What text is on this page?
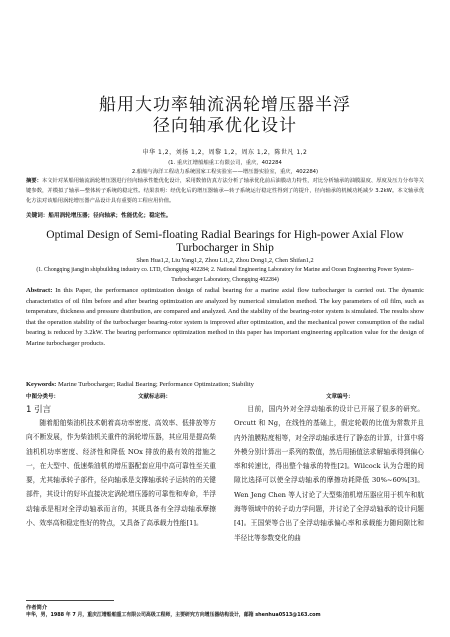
船用大功率轴流涡轮增压器半浮
径向轴承优化设计
申华 1,2，刘扬 1,2，周黎 1,2，周东 1,2，陈世凡 1,2
(1. 重庆江增船舶重工有限公司，重庆，402284
2.船舶与海洋工程动力系统国家工程实验室——增压器实验室，重庆，402284)
摘要：本文针对某船用轴流涡轮增压器进行径向轴承性能优化设计，采用数值仿真方法分析了轴承优化前后油膜动力特性，对比分析轴承的油膜温度、厚度及压力分布等关键参数，并模拟了轴承—整体转子系统的稳定性。结果表明：经优化后的增压器轴承—转子系统运行稳定性得到了的提升，径向轴承的机械功耗减少 3.2kW。本文轴承优化方法对该船用涡轮增压器产品设计具有重要的工程应用价值。
关键词：船用涡轮增压器；径向轴承；性能优化；稳定性。
Optimal Design of Semi-floating Radial Bearings for High-power Axial Flow Turbocharger in Ship
Shen Hua1,2, Liu Yang1,2, Zhou Li1,2, Zhou Dong1,2, Chen Shifan1,2
(1. Chongqing jiangjin shipbuilding industry co. LTD, Chongqing 402284; 2. National Engineering Laboratory for Marine and Ocean Engineering Power System–Turbocharger Laboratory, Chongqing 402284)
Abstract: In this Paper, the performance optimization design of radial bearing for a marine axial flow turbocharger is carried out. The dynamic characteristics of oil film before and after bearing optimization are analyzed by numerical simulation method. The key parameters of oil film, such as temperature, thickness and pressure distribution, are compared and analyzed. And the stability of the bearing-rotor system is simulated. The results show that the operation stability of the turbocharger bearing-rotor system is improved after optimization, and the mechanical power consumption of the radial bearing is reduced by 3.2kW. The bearing performance optimization method in this paper has important engineering application value for the design of Marine turbocharger products.
Keywords: Marine Turbocharger; Radial Bearing; Performance Optimization; Stability
中图分类号：	文献标志码：	文章编号：
1 引言

随着船舶柴油机技术朝着高功率密度、高效率、低排放等方向不断发展，作为柴油机关重件的涡轮增压器，其应用是提高柴油机机功率密度、经济性和降低 NOx 排放的最有效的措施之一，在大型中、低速柴油机的增压器配套应用中高可靠性至关重要，尤其轴承转子部件，径向轴承是支撑轴承转子运转的的关键部件，其设计的好坏直接决定涡轮增压器的可靠性和寿命，半浮动轴承是相对全浮动轴承而言的，其既具备有全浮动轴承摩擦小、效率高和稳定性好的特点，又具备了高承载力性能[1]。

目前，国内外对全浮动轴承的设计已开展了很多的研究。Orcutt 和 Ng，在线性的基础上，假定轮毂的比值为常数并且内外油膜粘度相等，对全浮动轴承进行了静态的计算，计算中将外模分别计算出一系列的数值，然后用插值法求解轴承得到偏心率和转速比，得出整个轴承的特性[2]。Wilcock 认为合理的间隙比选择可以使全浮动轴承的摩擦功耗降低 30%~60%[3]。Wen Jeng Chen 等人讨论了大型柴油机增压器应用于机车和航海等领域中的转子动力学问题，并讨论了全浮动轴承的设计问题[4]。王国荣等合出了全浮动轴承偏心率和承载能力随间隙比和半径比等参数变化的曲

作者简介
申华，男，1988 年 7 月，重庆江增船舶重工有限公司高级工程师，主要研究方向增压器结构设计，邮箱 shenhua0513@163.com
